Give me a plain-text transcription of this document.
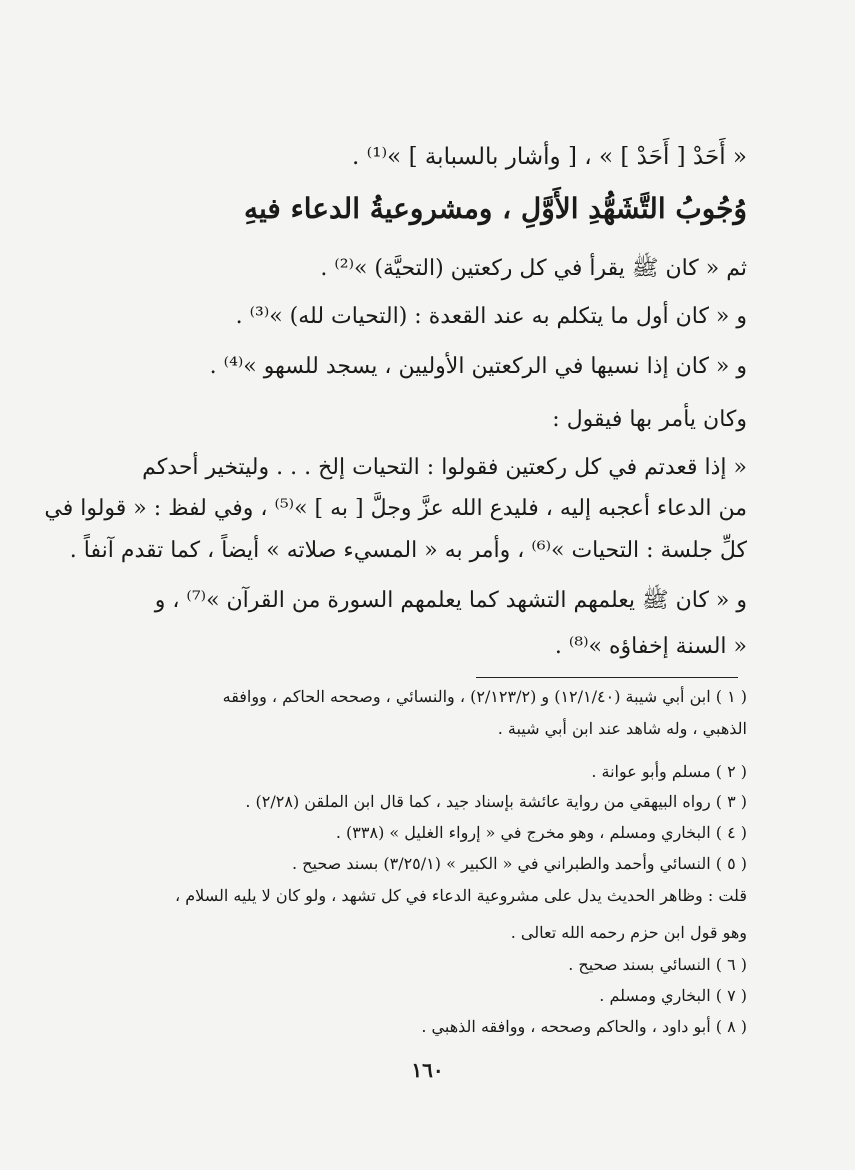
« أَحَدْ [ أَحَدْ ] » ، [ وأشار بالسبابة ] »⁽¹⁾ .
وُجُوبُ التَّشَهُّدِ الأَوَّلِ ، ومشروعيةُ الدعاء فيهِ
ثم « كان ﷺ يقرأ في كل ركعتين (التحيَّة) »⁽²⁾ .
و « كان أول ما يتكلم به عند القعدة : (التحيات لله) »⁽³⁾ .
و « كان إذا نسيها في الركعتين الأوليين ، يسجد للسهو »⁽⁴⁾ .
وكان يأمر بها فيقول :
« إذا قعدتم في كل ركعتين فقولوا : التحيات إلخ . . . وليتخير أحدكم
من الدعاء أعجبه إليه ، فليدع الله عزَّ وجلَّ [ به ] »⁽⁵⁾ ، وفي لفظ : « قولوا في
كلِّ جلسة : التحيات »⁽⁶⁾ ، وأمر به « المسيء صلاته » أيضاً ، كما تقدم آنفاً .
و « كان ﷺ يعلمهم التشهد كما يعلمهم السورة من القرآن »⁽⁷⁾ ، و
« السنة إخفاؤه »⁽⁸⁾ .
( ١ ) ابن أبي شيبة (١٢/١/٤٠) و (٢/١٢٣/٢) ، والنسائي ، وصححه الحاكم ، ووافقه
الذهبي ، وله شاهد عند ابن أبي شيبة .
( ٢ ) مسلم وأبو عوانة .
( ٣ ) رواه البيهقي من رواية عائشة بإسناد جيد ، كما قال ابن الملقن (٢/٢٨) .
( ٤ ) البخاري ومسلم ، وهو مخرج في « إرواء الغليل » (٣٣٨) .
( ٥ ) النسائي وأحمد والطبراني في « الكبير » (٣/٢٥/١) بسند صحيح .
قلت : وظاهر الحديث يدل على مشروعية الدعاء في كل تشهد ، ولو كان لا يليه السلام ،
وهو قول ابن حزم رحمه الله تعالى .
( ٦ ) النسائي بسند صحيح .
( ٧ ) البخاري ومسلم .
( ٨ ) أبو داود ، والحاكم وصححه ، ووافقه الذهبي .
١٦٠
